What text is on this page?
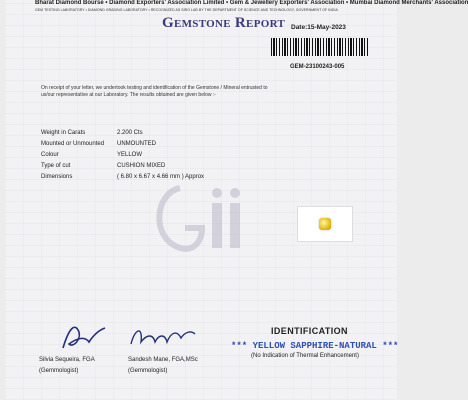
Bharat Diamond Bourse • Diamond Exporters' Association Limited • Gem & Jewellery Exporters' Association • Mumbai Diamond Merchants' Association
GEM TESTING LABORATORY • DIAMOND GRADING LABORATORY • RECOGNIZED AS SIRO LAB BY THE DEPARTMENT OF SCIENCE AND TECHNOLOGY, GOVERNMENT OF INDIA
Gemstone Report Date:15-May-2023
GEM-23100243-005
On receipt of your letter, we undertook testing and identification of the Gemstone / Mineral entrusted to us/our representative at our Laboratory. The results obtained are given below :-
Weight in Carats	2.200 Cts
Mounted or Unmounted	UNMOUNTED
Colour	YELLOW
Type of cut	CUSHION MIXED
Dimensions	( 6.80 x 6.67 x 4.66 mm ) Approx
Silvia Sequeira, FGA
(Gemmologist)
Sandesh Mane, FGA,MSc
(Gemmologist)
IDENTIFICATION
*** YELLOW SAPPHIRE-NATURAL ***
(No Indication of Thermal Enhancement)
